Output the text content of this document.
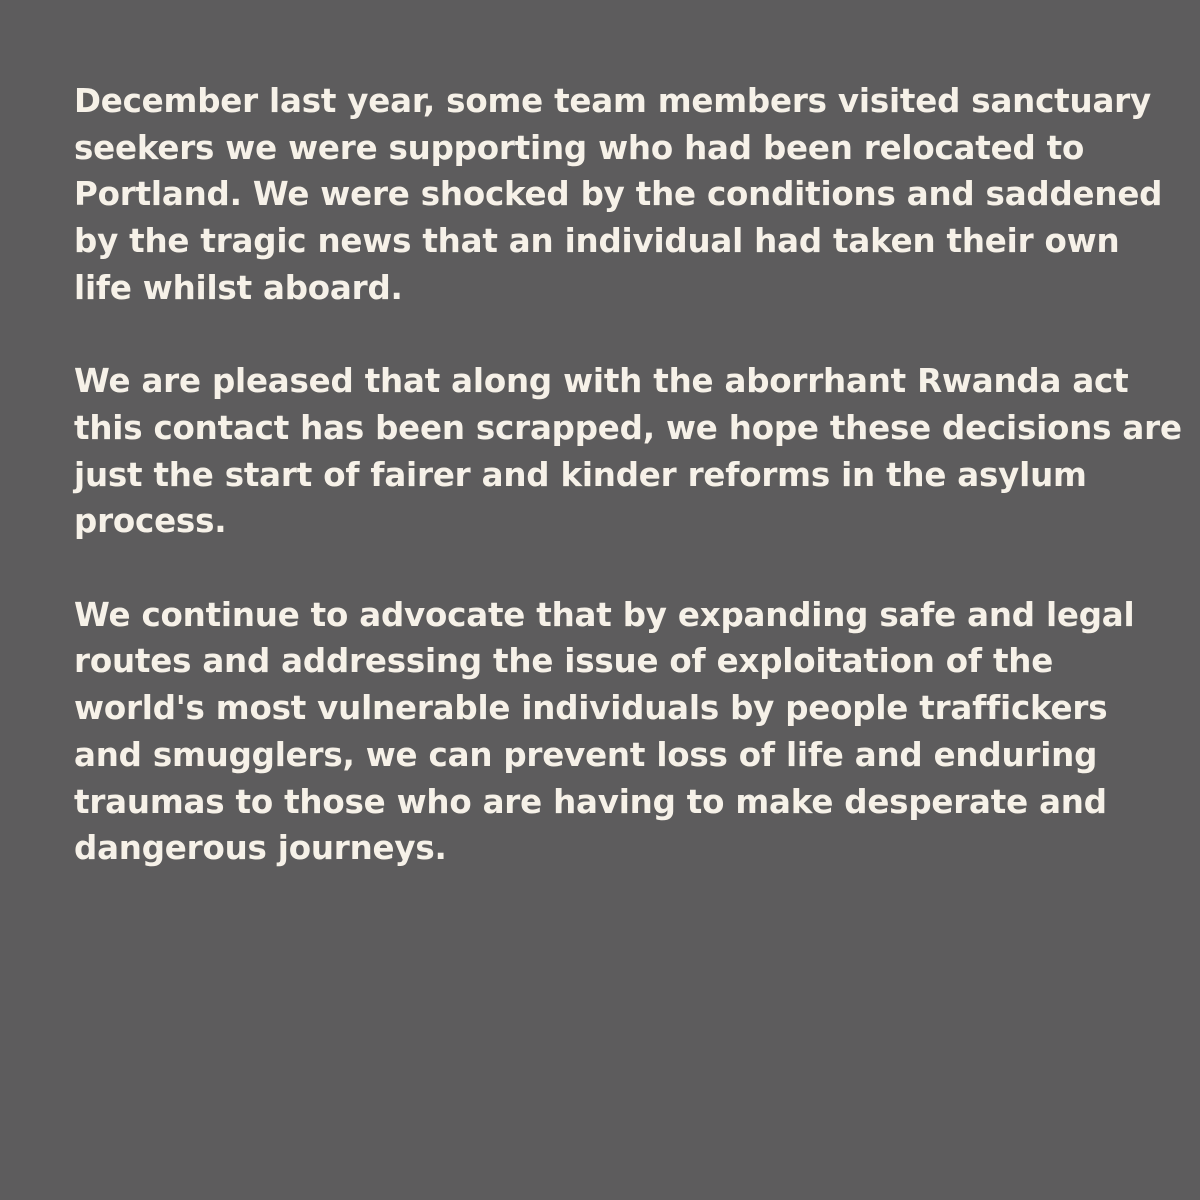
December last year, some team members visited sanctuary
seekers we were supporting who had been relocated to
Portland. We were shocked by the conditions and saddened
by the tragic news that an individual had taken their own
life whilst aboard.

We are pleased that along with the aborrhant Rwanda act
this contact has been scrapped, we hope these decisions are
just the start of fairer and kinder reforms in the asylum
process.

We continue to advocate that by expanding safe and legal
routes and addressing the issue of exploitation of the
world's most vulnerable individuals by people traffickers
and smugglers, we can prevent loss of life and enduring
traumas to those who are having to make desperate and
dangerous journeys.
